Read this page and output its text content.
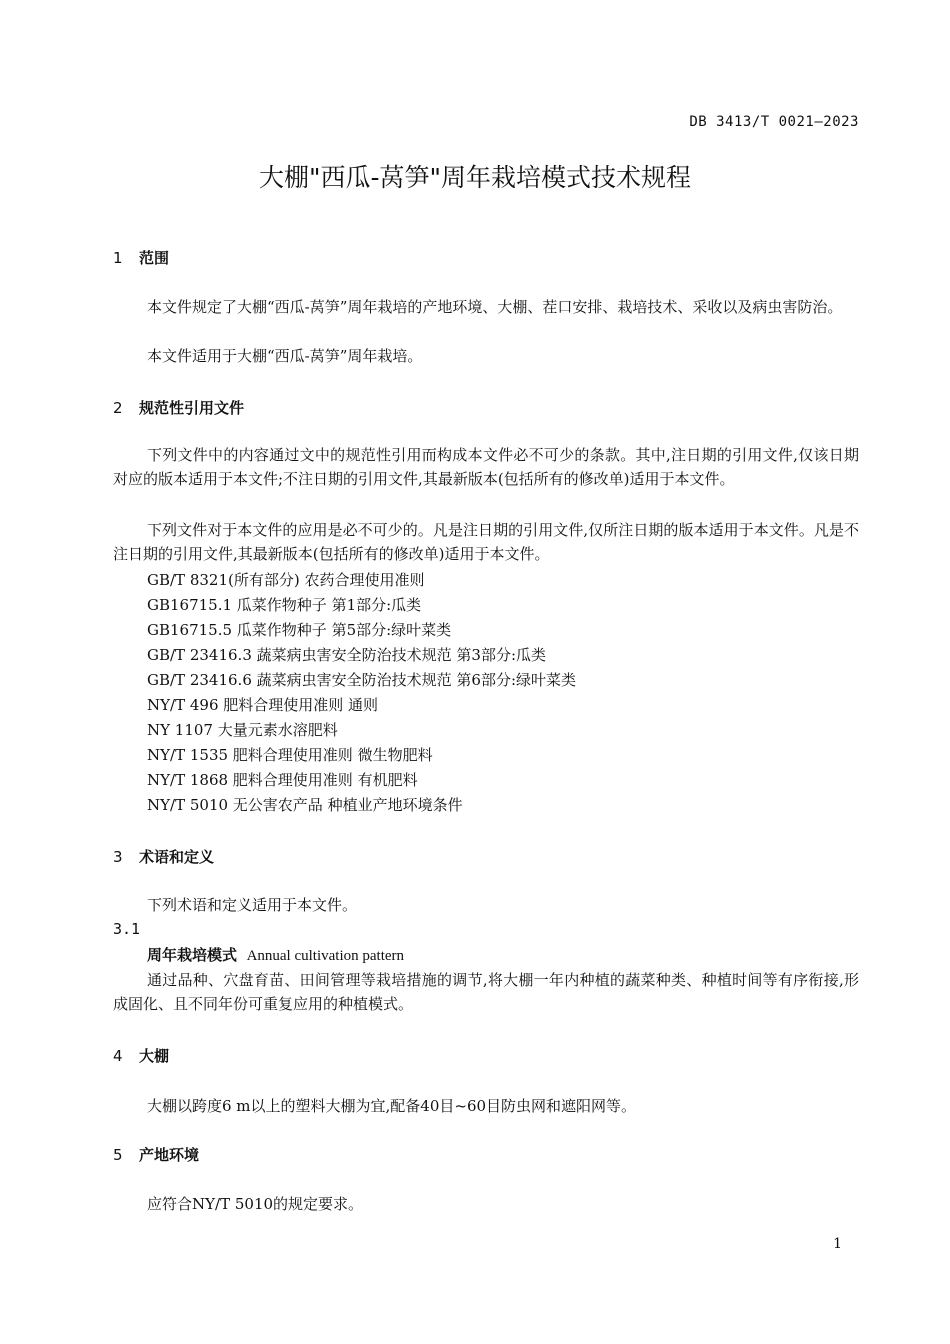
DB 3413/T 0021—2023
大棚"西瓜-莴笋"周年栽培模式技术规程
1 范围
本文件规定了大棚“西瓜-莴笋”周年栽培的产地环境、大棚、茬口安排、栽培技术、采收以及病虫害防治。
本文件适用于大棚“西瓜-莴笋”周年栽培。
2 规范性引用文件
下列文件中的内容通过文中的规范性引用而构成本文件必不可少的条款。其中,注日期的引用文件,仅该日期对应的版本适用于本文件;不注日期的引用文件,其最新版本(包括所有的修改单)适用于本文件。
下列文件对于本文件的应用是必不可少的。凡是注日期的引用文件,仅所注日期的版本适用于本文件。凡是不注日期的引用文件,其最新版本(包括所有的修改单)适用于本文件。
GB/T 8321(所有部分) 农药合理使用准则
GB16715.1 瓜菜作物种子 第1部分:瓜类
GB16715.5 瓜菜作物种子 第5部分:绿叶菜类
GB/T 23416.3 蔬菜病虫害安全防治技术规范 第3部分:瓜类
GB/T 23416.6 蔬菜病虫害安全防治技术规范 第6部分:绿叶菜类
NY/T 496 肥料合理使用准则 通则
NY 1107 大量元素水溶肥料
NY/T 1535 肥料合理使用准则 微生物肥料
NY/T 1868 肥料合理使用准则 有机肥料
NY/T 5010 无公害农产品 种植业产地环境条件
3 术语和定义
下列术语和定义适用于本文件。
3.1
周年栽培模式 Annual cultivation pattern
通过品种、穴盘育苗、田间管理等栽培措施的调节,将大棚一年内种植的蔬菜种类、种植时间等有序衔接,形成固化、且不同年份可重复应用的种植模式。
4 大棚
大棚以跨度6 m以上的塑料大棚为宜,配备40目~60目防虫网和遮阳网等。
5 产地环境
应符合NY/T 5010的规定要求。
1
